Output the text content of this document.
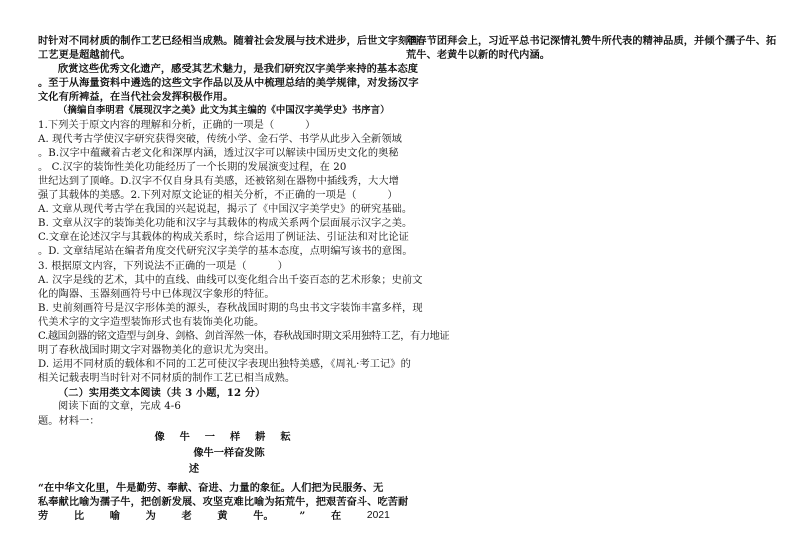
时针对不同材质的制作工艺已经相当成熟。随着社会发展与技术进步，后世文字刻画

工艺更是超越前代。

欣赏这些优秀文化遗产，感受其艺术魅力，是我们研究汉字美学来持的基本态度

。至于从海量资料中遴选的这些文字作品以及从中梳理总结的美学规律，对发扬汉字

文化有所裨益，在当代社会发挥积极作用。

（摘编自李明君《展现汉字之美》此文为其主编的《中国汉字美学史》书序言）

1.下列关于原文内容的理解和分析，正确的一项是（　　　）

A. 现代考古学使汉字研究获得突破，传统小学、金石学、书学从此步入全新领域

。B.汉字中蕴藏着古老文化和深厚内涵，透过汉字可以解读中国历史文化的奥秘

。 C.汉字的装饰性美化功能经历了一个长期的发展演变过程，在 20

世纪达到了顶峰。D.汉字不仅自身具有美感，还被铭刻在器物中插线秀，大大增

强了其载体的美感。2.下列对原文论证的相关分析，不正确的一项是（　　　）

A. 文章从现代考古学在我国的兴起说起，揭示了《中国汉字美学史》的研究基础。

B. 文章从汉字的装饰美化功能和汉字与其载体的构成关系两个层面展示汉字之美。

C.文章在论述汉字与其载体的构成关系时，综合运用了例证法、引证法和对比论证

。D. 文章结尾站在编者角度交代研究汉字美学的基本态度，点明编写该书的意图。

3. 根据原文内容，下列说法不正确的一项是（　　　）

A. 汉字是线的艺术，其中的直线、曲线可以变化组合出千姿百态的艺术形象；史前文

化的陶器、玉器刻画符号中已体现汉字象形的特征。

B. 史前刻画符号是汉字形体美的源头，春秋战国时期的鸟虫书文字装饰丰富多样，现

代美术字的文字造型装饰形式也有装饰美化功能。

C.越国剑器的铭文造型与剑身、剑格、剑首浑然一体，春秋战国时期文采用独特工艺，有力地证

明了春秋战国时期文字对器物美化的意识尤为突出。

D. 运用不同材质的载体和不同的工艺可使汉字表现出独特美感，《周礼·考工记》的

相关记载表明当时针对不同材质的制作工艺已相当成熟。

（二）实用类文本阅读（共 3 小题，12 分）

阅读下面的文章，完成 4-6

题。材料一：

像牛一样耕耘

像牛一样奋发陈

述

“在中华文化里，牛是勤劳、奉献、奋进、力量的象征。人们把为民服务、无

私奉献比喻为孺子牛，把创新发展、攻坚克难比喻为拓荒牛，把艰苦奋斗、吃苦耐

劳	比	喻	为	老	黄	牛。	”	在	2021

年春节团拜会上，习近平总书记深情礼赞牛所代表的精神品质，并倾个孺子牛、拓

荒牛、老黄牛以新的时代内涵。
